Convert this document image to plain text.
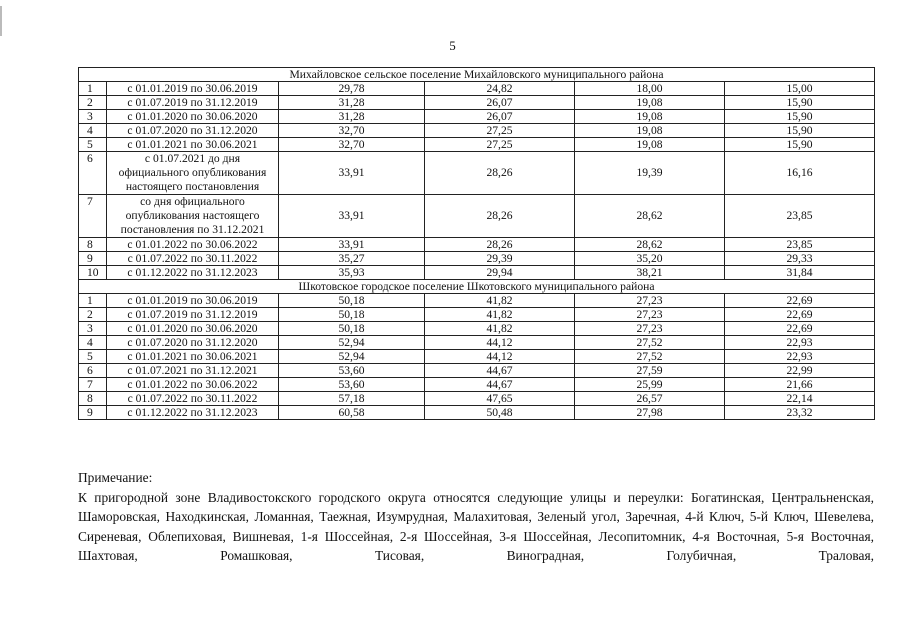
5
Михайловское сельское поселение Михайловского муниципального района					
1	с 01.01.2019 по 30.06.2019	29,78	24,82	18,00	15,00
2	с 01.07.2019 по 31.12.2019	31,28	26,07	19,08	15,90
3	с 01.01.2020 по 30.06.2020	31,28	26,07	19,08	15,90
4	с 01.07.2020 по 31.12.2020	32,70	27,25	19,08	15,90
5	с 01.01.2021 по 30.06.2021	32,70	27,25	19,08	15,90
6	с 01.07.2021 до дня официального опубликования настоящего постановления	33,91	28,26	19,39	16,16
7	со дня официального опубликования настоящего постановления по 31.12.2021	33,91	28,26	28,62	23,85
8	с 01.01.2022 по 30.06.2022	33,91	28,26	28,62	23,85
9	с 01.07.2022 по 30.11.2022	35,27	29,39	35,20	29,33
10	с 01.12.2022 по 31.12.2023	35,93	29,94	38,21	31,84
Шкотовское городское поселение Шкотовского муниципального района					
1	с 01.01.2019 по 30.06.2019	50,18	41,82	27,23	22,69
2	с 01.07.2019 по 31.12.2019	50,18	41,82	27,23	22,69
3	с 01.01.2020 по 30.06.2020	50,18	41,82	27,23	22,69
4	с 01.07.2020 по 31.12.2020	52,94	44,12	27,52	22,93
5	с 01.01.2021 по 30.06.2021	52,94	44,12	27,52	22,93
6	с 01.07.2021 по 31.12.2021	53,60	44,67	27,59	22,99
7	с 01.01.2022 по 30.06.2022	53,60	44,67	25,99	21,66
8	с 01.07.2022 по 30.11.2022	57,18	47,65	26,57	22,14
9	с 01.12.2022 по 31.12.2023	60,58	50,48	27,98	23,32
Примечание:
К пригородной зоне Владивостокского городского округа относятся следующие улицы и переулки: Богатинская, Центральненская, Шаморовская, Находкинская, Ломанная, Таежная, Изумрудная, Малахитовая, Зеленый угол, Заречная, 4-й Ключ, 5-й Ключ, Шевелева, Сиреневая, Облепиховая, Вишневая, 1-я Шоссейная, 2-я Шоссейная, 3-я Шоссейная, Лесопитомник, 4-я Восточная, 5-я Восточная, Шахтовая, Ромашковая, Тисовая, Виноградная, Голубичная, Траловая,
